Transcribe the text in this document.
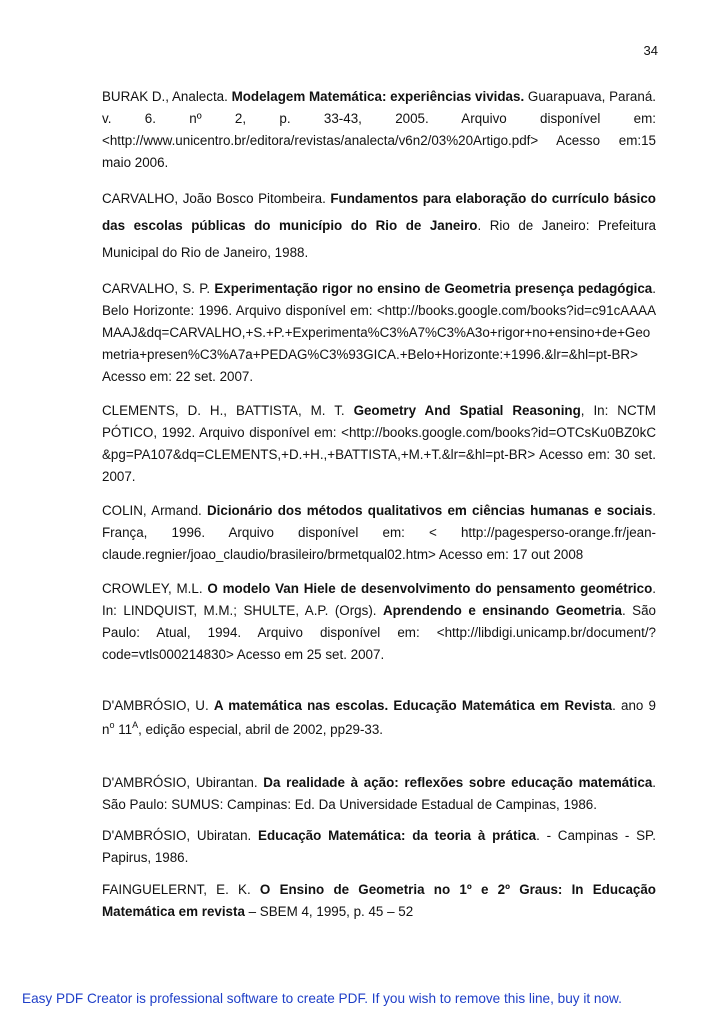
34

BURAK D., Analecta. Modelagem Matemática: experiências vividas. Guarapuava, Paraná. v. 6. nº 2, p. 33-43, 2005. Arquivo disponível em: <http://www.unicentro.br/editora/revistas/analecta/v6n2/03%20Artigo.pdf> Acesso em:15 maio 2006.

CARVALHO, João Bosco Pitombeira. Fundamentos para elaboração do currículo básico das escolas públicas do município do Rio de Janeiro. Rio de Janeiro: Prefeitura Municipal do Rio de Janeiro, 1988.

CARVALHO, S. P. Experimentação rigor no ensino de Geometria presença pedagógica. Belo Horizonte: 1996. Arquivo disponível em: <http://books.google.com/books?id=c91cAAAAMAAJ&dq=CARVALHO,+S.+P.+Experimenta%C3%A7%C3%A3o+rigor+no+ensino+de+Geometria+presen%C3%A7a+PEDAG%C3%93GICA.+Belo+Horizonte:+1996.&lr=&hl=pt-BR> Acesso em: 22 set. 2007.

CLEMENTS, D. H., BATTISTA, M. T. Geometry And Spatial Reasoning, In: NCTM PÓTICO, 1992. Arquivo disponível em: <http://books.google.com/books?id=OTCsKu0BZ0kC&pg=PA107&dq=CLEMENTS,+D.+H.,+BATTISTA,+M.+T.&lr=&hl=pt-BR> Acesso em: 30 set. 2007.

COLIN, Armand. Dicionário dos métodos qualitativos em ciências humanas e sociais. França, 1996. Arquivo disponível em: < http://pagesperso-orange.fr/jean-claude.regnier/joao_claudio/brasileiro/brmetqual02.htm> Acesso em: 17 out 2008

CROWLEY, M.L. O modelo Van Hiele de desenvolvimento do pensamento geométrico. In: LINDQUIST, M.M.; SHULTE, A.P. (Orgs). Aprendendo e ensinando Geometria. São Paulo: Atual, 1994. Arquivo disponível em: <http://libdigi.unicamp.br/document/?code=vtls000214830> Acesso em 25 set. 2007.

D'AMBRÓSIO, U. A matemática nas escolas. Educação Matemática em Revista. ano 9 $n^o$ $11^A$, edição especial, abril de 2002, pp29-33.

D'AMBRÓSIO, Ubirantan. Da realidade à ação: reflexões sobre educação matemática. São Paulo: SUMUS: Campinas: Ed. Da Universidade Estadual de Campinas, 1986.

D'AMBRÓSIO, Ubiratan. Educação Matemática: da teoria à prática. - Campinas - SP. Papirus, 1986.

FAINGUELERNT, E. K. O Ensino de Geometria no 1º e 2º Graus: In Educação Matemática em revista – SBEM 4, 1995, p. 45 – 52

Easy PDF Creator is professional software to create PDF. If you wish to remove this line, buy it now.
